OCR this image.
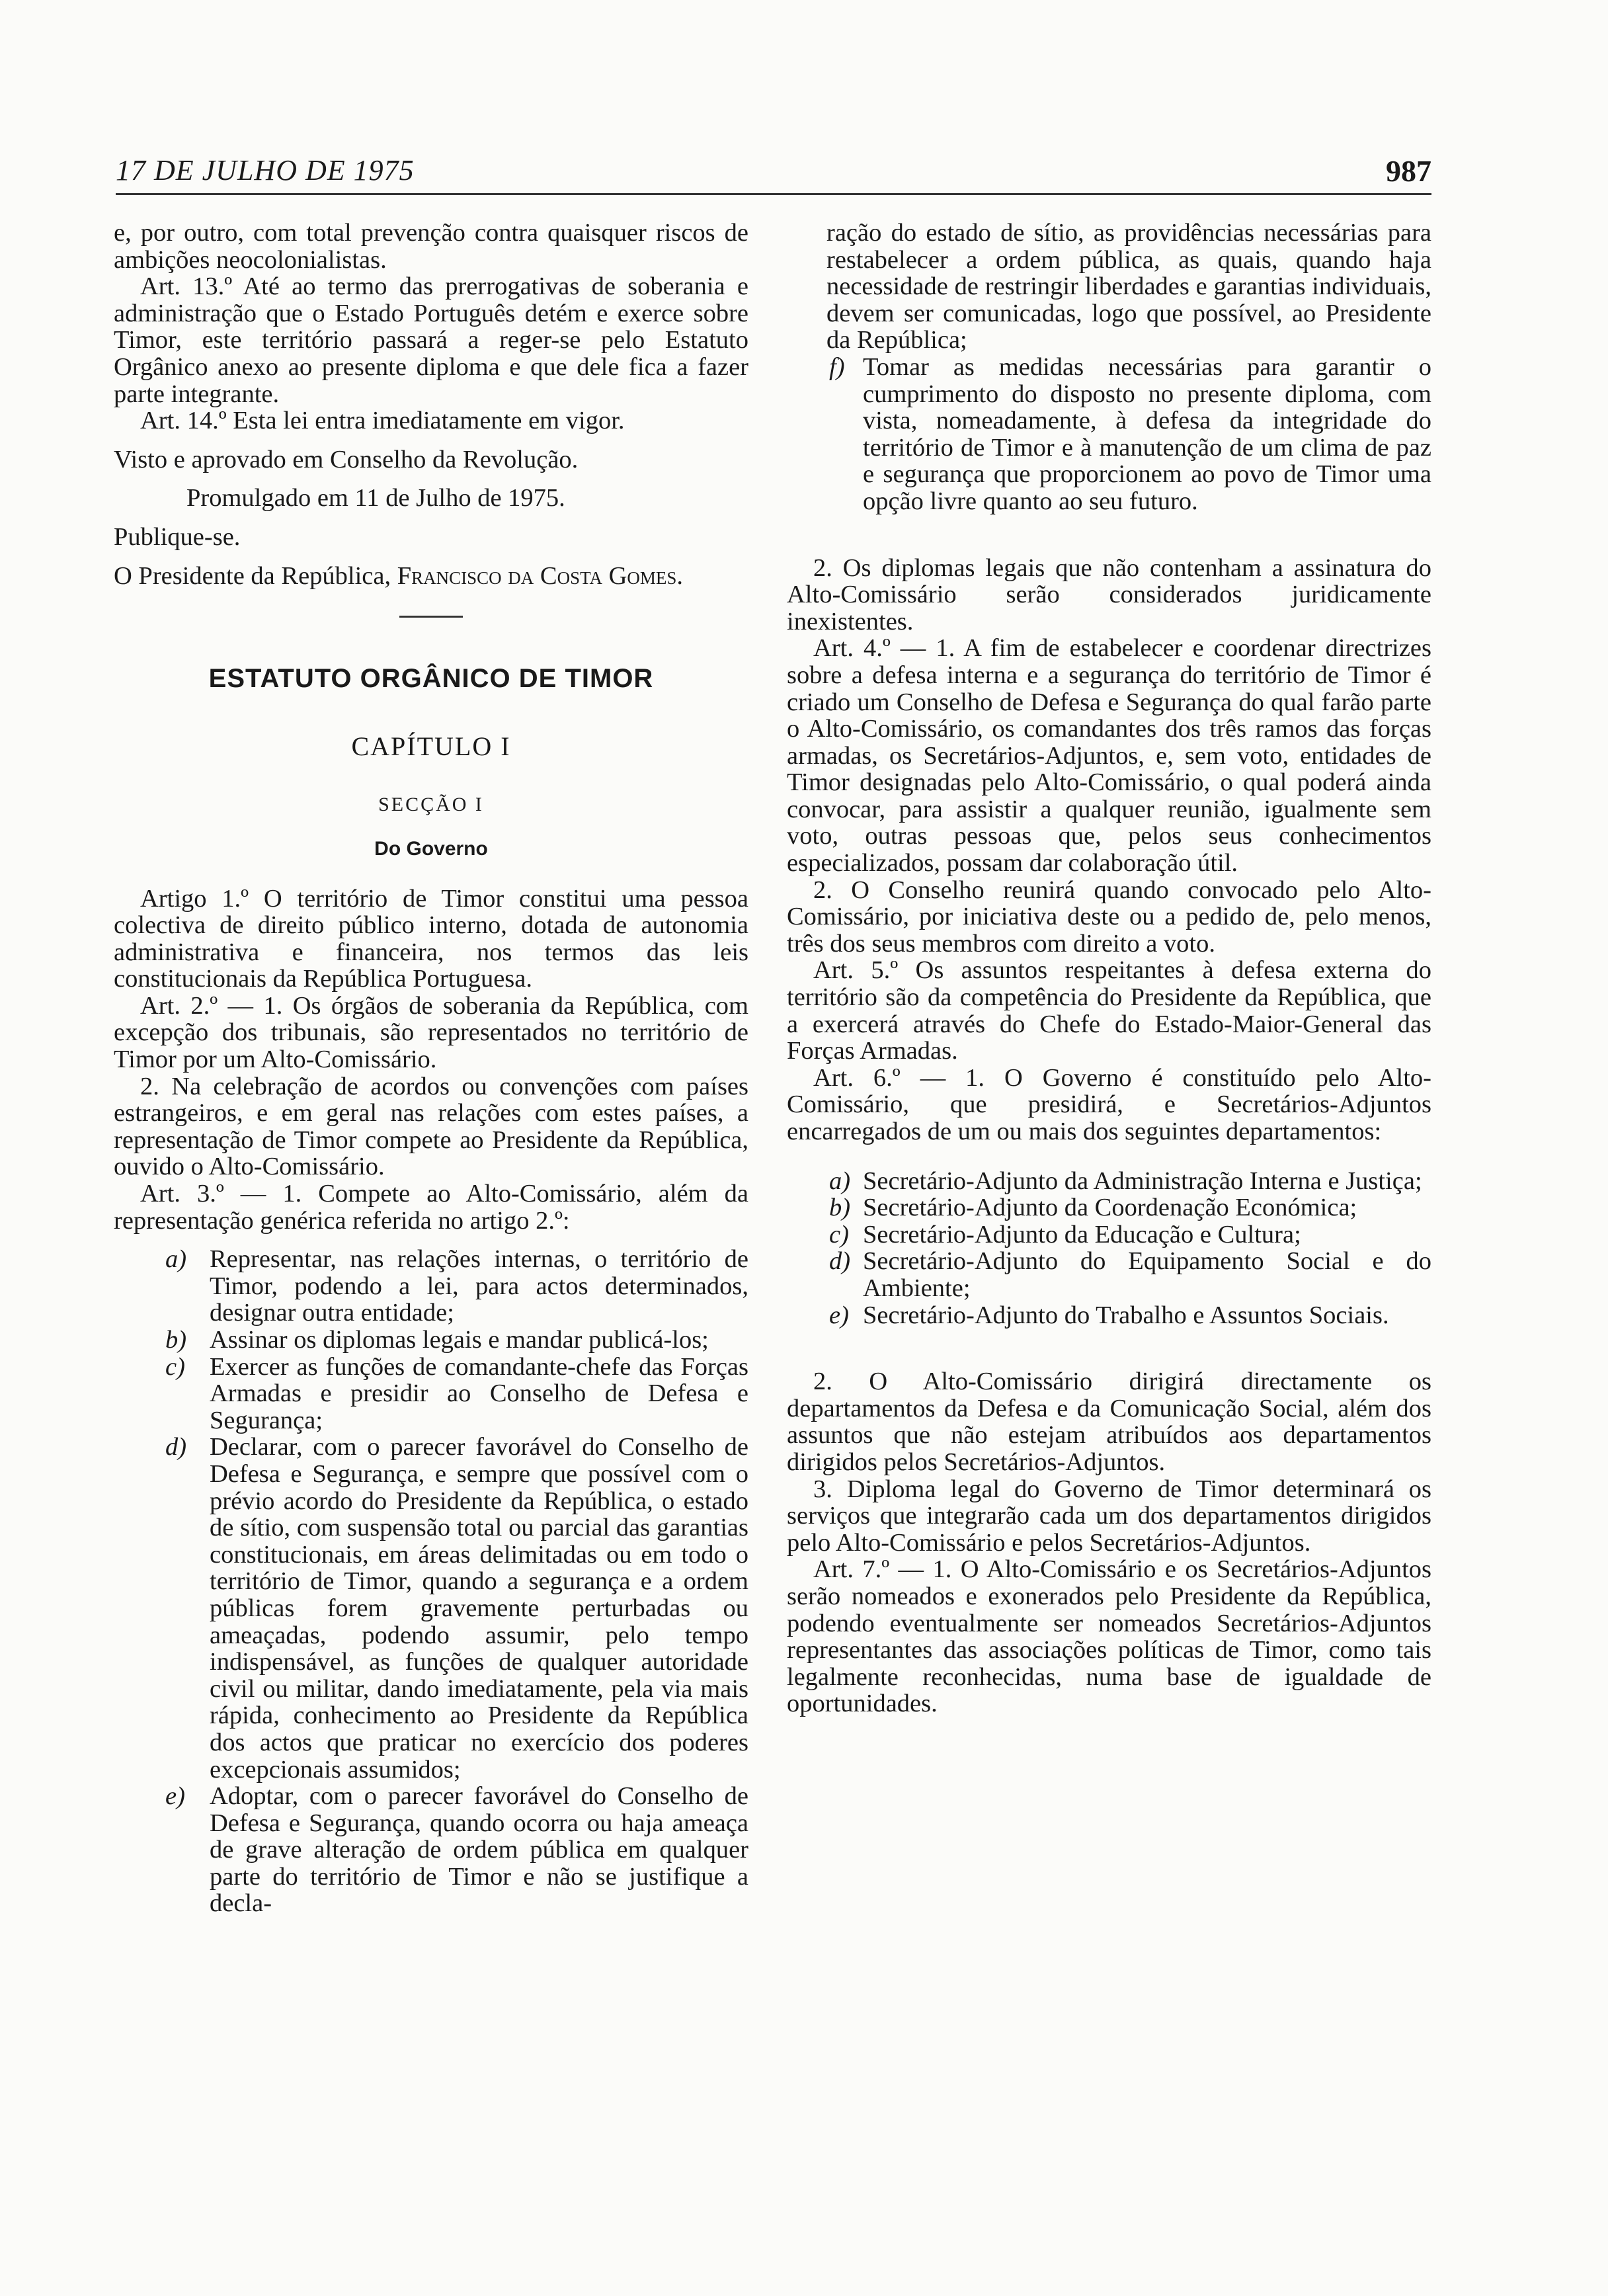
17 DE JULHO DE 1975	987

e, por outro, com total prevenção contra quaisquer riscos de ambições neocolonialistas.

Art. 13.º Até ao termo das prerrogativas de soberania e administração que o Estado Português detém e exerce sobre Timor, este território passará a reger-se pelo Estatuto Orgânico anexo ao presente diploma e que dele fica a fazer parte integrante.

Art. 14.º Esta lei entra imediatamente em vigor.

Visto e aprovado em Conselho da Revolução.

Promulgado em 11 de Julho de 1975.

Publique-se.

O Presidente da República, Francisco da Costa Gomes.

ESTATUTO ORGÂNICO DE TIMOR

CAPÍTULO I

SECÇÃO I

Do Governo

Artigo 1.º O território de Timor constitui uma pessoa colectiva de direito público interno, dotada de autonomia administrativa e financeira, nos termos das leis constitucionais da República Portuguesa.

Art. 2.º — 1. Os órgãos de soberania da República, com excepção dos tribunais, são representados no território de Timor por um Alto-Comissário.

2. Na celebração de acordos ou convenções com países estrangeiros, e em geral nas relações com estes países, a representação de Timor compete ao Presidente da República, ouvido o Alto-Comissário.

Art. 3.º — 1. Compete ao Alto-Comissário, além da representação genérica referida no artigo 2.º:

a) Representar, nas relações internas, o território de Timor, podendo a lei, para actos determinados, designar outra entidade;
b) Assinar os diplomas legais e mandar publicá-los;
c) Exercer as funções de comandante-chefe das Forças Armadas e presidir ao Conselho de Defesa e Segurança;
d) Declarar, com o parecer favorável do Conselho de Defesa e Segurança, e sempre que possível com o prévio acordo do Presidente da República, o estado de sítio, com suspensão total ou parcial das garantias constitucionais, em áreas delimitadas ou em todo o território de Timor, quando a segurança e a ordem públicas forem gravemente perturbadas ou ameaçadas, podendo assumir, pelo tempo indispensável, as funções de qualquer autoridade civil ou militar, dando imediatamente, pela via mais rápida, conhecimento ao Presidente da República dos actos que praticar no exercício dos poderes excepcionais assumidos;
e) Adoptar, com o parecer favorável do Conselho de Defesa e Segurança, quando ocorra ou haja ameaça de grave alteração de ordem pública em qualquer parte do território de Timor e não se justifique a decla-

ração do estado de sítio, as providências necessárias para restabelecer a ordem pública, as quais, quando haja necessidade de restringir liberdades e garantias individuais, devem ser comunicadas, logo que possível, ao Presidente da República;

f) Tomar as medidas necessárias para garantir o cumprimento do disposto no presente diploma, com vista, nomeadamente, à defesa da integridade do território de Timor e à manutenção de um clima de paz e segurança que proporcionem ao povo de Timor uma opção livre quanto ao seu futuro.

2. Os diplomas legais que não contenham a assinatura do Alto-Comissário serão considerados juridicamente inexistentes.

Art. 4.º — 1. A fim de estabelecer e coordenar directrizes sobre a defesa interna e a segurança do território de Timor é criado um Conselho de Defesa e Segurança do qual farão parte o Alto-Comissário, os comandantes dos três ramos das forças armadas, os Secretários-Adjuntos, e, sem voto, entidades de Timor designadas pelo Alto-Comissário, o qual poderá ainda convocar, para assistir a qualquer reunião, igualmente sem voto, outras pessoas que, pelos seus conhecimentos especializados, possam dar colaboração útil.

2. O Conselho reunirá quando convocado pelo Alto-Comissário, por iniciativa deste ou a pedido de, pelo menos, três dos seus membros com direito a voto.

Art. 5.º Os assuntos respeitantes à defesa externa do território são da competência do Presidente da República, que a exercerá através do Chefe do Estado-Maior-General das Forças Armadas.

Art. 6.º — 1. O Governo é constituído pelo Alto-Comissário, que presidirá, e Secretários-Adjuntos encarregados de um ou mais dos seguintes departamentos:

a) Secretário-Adjunto da Administração Interna e Justiça;
b) Secretário-Adjunto da Coordenação Económica;
c) Secretário-Adjunto da Educação e Cultura;
d) Secretário-Adjunto do Equipamento Social e do Ambiente;
e) Secretário-Adjunto do Trabalho e Assuntos Sociais.

2. O Alto-Comissário dirigirá directamente os departamentos da Defesa e da Comunicação Social, além dos assuntos que não estejam atribuídos aos departamentos dirigidos pelos Secretários-Adjuntos.

3. Diploma legal do Governo de Timor determinará os serviços que integrarão cada um dos departamentos dirigidos pelo Alto-Comissário e pelos Secretários-Adjuntos.

Art. 7.º — 1. O Alto-Comissário e os Secretários-Adjuntos serão nomeados e exonerados pelo Presidente da República, podendo eventualmente ser nomeados Secretários-Adjuntos representantes das associações políticas de Timor, como tais legalmente reconhecidas, numa base de igualdade de oportunidades.
